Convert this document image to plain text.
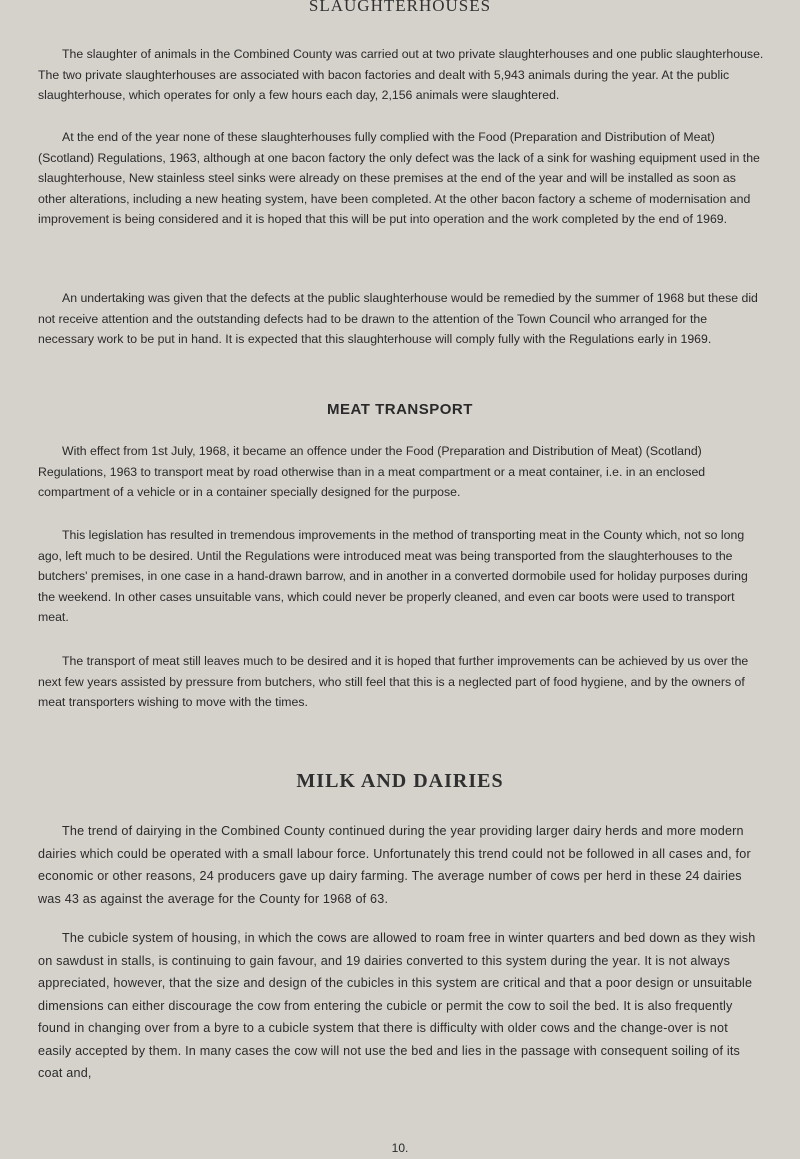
SLAUGHTERHOUSES

The slaughter of animals in the Combined County was carried out at two private slaughterhouses and one public slaughterhouse. The two private slaughterhouses are associated with bacon factories and dealt with 5,943 animals during the year. At the public slaughterhouse, which operates for only a few hours each day, 2,156 animals were slaughtered.

At the end of the year none of these slaughterhouses fully complied with the Food (Preparation and Distribution of Meat) (Scotland) Regulations, 1963, although at one bacon factory the only defect was the lack of a sink for washing equipment used in the slaughterhouse, New stainless steel sinks were already on these premises at the end of the year and will be installed as soon as other alterations, including a new heating system, have been completed. At the other bacon factory a scheme of modernisation and improvement is being considered and it is hoped that this will be put into operation and the work completed by the end of 1969.

An undertaking was given that the defects at the public slaughterhouse would be remedied by the summer of 1968 but these did not receive attention and the outstanding defects had to be drawn to the attention of the Town Council who arranged for the necessary work to be put in hand. It is expected that this slaughterhouse will comply fully with the Regulations early in 1969.

MEAT TRANSPORT

With effect from 1st July, 1968, it became an offence under the Food (Preparation and Distribution of Meat) (Scotland) Regulations, 1963 to transport meat by road otherwise than in a meat compartment or a meat container, i.e. in an enclosed compartment of a vehicle or in a container specially designed for the purpose.

This legislation has resulted in tremendous improvements in the method of transporting meat in the County which, not so long ago, left much to be desired. Until the Regulations were introduced meat was being transported from the slaughterhouses to the butchers' premises, in one case in a hand-drawn barrow, and in another in a converted dormobile used for holiday purposes during the weekend. In other cases unsuitable vans, which could never be properly cleaned, and even car boots were used to transport meat.

The transport of meat still leaves much to be desired and it is hoped that further improvements can be achieved by us over the next few years assisted by pressure from butchers, who still feel that this is a neglected part of food hygiene, and by the owners of meat transporters wishing to move with the times.

MILK AND DAIRIES

The trend of dairying in the Combined County continued during the year providing larger dairy herds and more modern dairies which could be operated with a small labour force. Unfortunately this trend could not be followed in all cases and, for economic or other reasons, 24 producers gave up dairy farming. The average number of cows per herd in these 24 dairies was 43 as against the average for the County for 1968 of 63.

The cubicle system of housing, in which the cows are allowed to roam free in winter quarters and bed down as they wish on sawdust in stalls, is continuing to gain favour, and 19 dairies converted to this system during the year. It is not always appreciated, however, that the size and design of the cubicles in this system are critical and that a poor design or unsuitable dimensions can either discourage the cow from entering the cubicle or permit the cow to soil the bed. It is also frequently found in changing over from a byre to a cubicle system that there is difficulty with older cows and the change-over is not easily accepted by them. In many cases the cow will not use the bed and lies in the passage with consequent soiling of its coat and,

10.
